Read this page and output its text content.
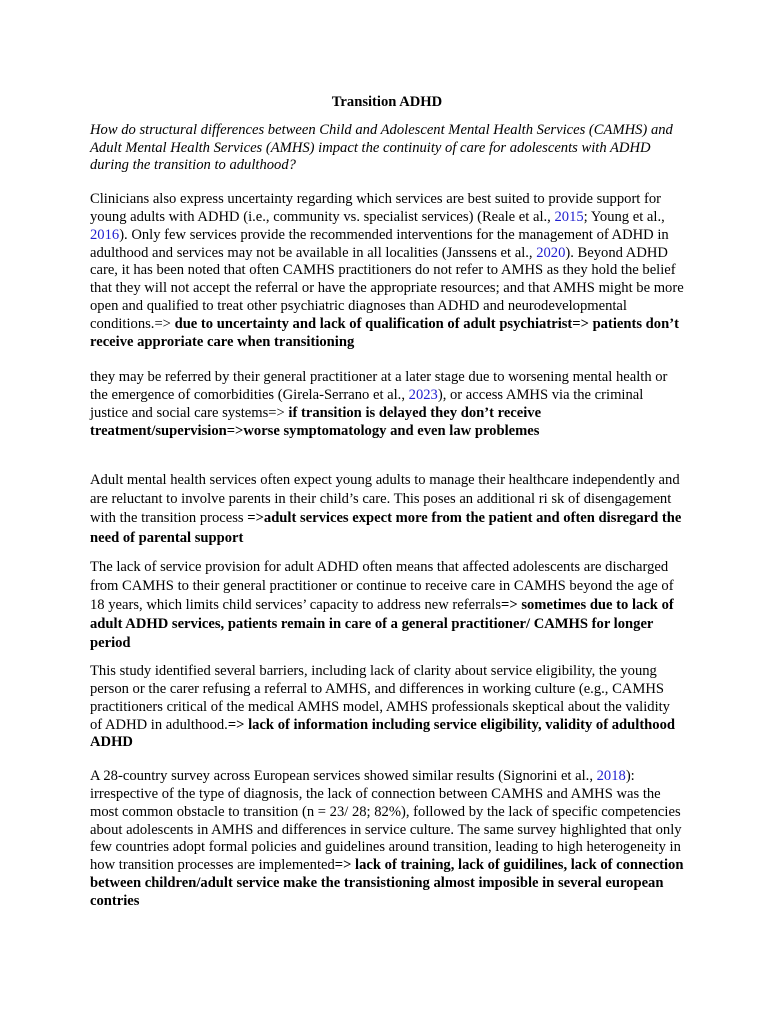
Transition ADHD

How do structural differences between Child and Adolescent Mental Health Services (CAMHS) and Adult Mental Health Services (AMHS) impact the continuity of care for adolescents with ADHD during the transition to adulthood?

Clinicians also express uncertainty regarding which services are best suited to provide support for young adults with ADHD (i.e., community vs. specialist services) (Reale et al., 2015; Young et al., 2016). Only few services provide the recommended interventions for the management of ADHD in adulthood and services may not be available in all localities (Janssens et al., 2020). Beyond ADHD care, it has been noted that often CAMHS practitioners do not refer to AMHS as they hold the belief that they will not accept the referral or have the appropriate resources; and that AMHS might be more open and qualified to treat other psychiatric diagnoses than ADHD and neurodevelopmental conditions.=> due to uncertainty and lack of qualification of adult psychiatrist=> patients don’t receive approriate care when transitioning

they may be referred by their general practitioner at a later stage due to worsening mental health or the emergence of comorbidities (Girela-Serrano et al., 2023), or access AMHS via the criminal justice and social care systems=> if transition is delayed they don’t receive treatment/supervision=>worse symptomatology and even law problemes

Adult mental health services often expect young adults to manage their healthcare independently and are reluctant to involve parents in their child’s care. This poses an additional ri sk of disengagement with the transition process =>adult services expect more from the patient and often disregard the need of parental support

The lack of service provision for adult ADHD often means that affected adolescents are discharged from CAMHS to their general practitioner or continue to receive care in CAMHS beyond the age of 18 years, which limits child services’ capacity to address new referrals=> sometimes due to lack of adult ADHD services, patients remain in care of a general practitioner/ CAMHS for longer period

This study identified several barriers, including lack of clarity about service eligibility, the young person or the carer refusing a referral to AMHS, and differences in working culture (e.g., CAMHS practitioners critical of the medical AMHS model, AMHS professionals skeptical about the validity of ADHD in adulthood.=> lack of information including service eligibility, validity of adulthood ADHD

A 28-country survey across European services showed similar results (Signorini et al., 2018): irrespective of the type of diagnosis, the lack of connection between CAMHS and AMHS was the most common obstacle to transition (n = 23/ 28; 82%), followed by the lack of specific competencies about adolescents in AMHS and differences in service culture. The same survey highlighted that only few countries adopt formal policies and guidelines around transition, leading to high heterogeneity in how transition processes are implemented=> lack of training, lack of guidilines, lack of connection between children/adult service make the transistioning almost imposible in several european contries
